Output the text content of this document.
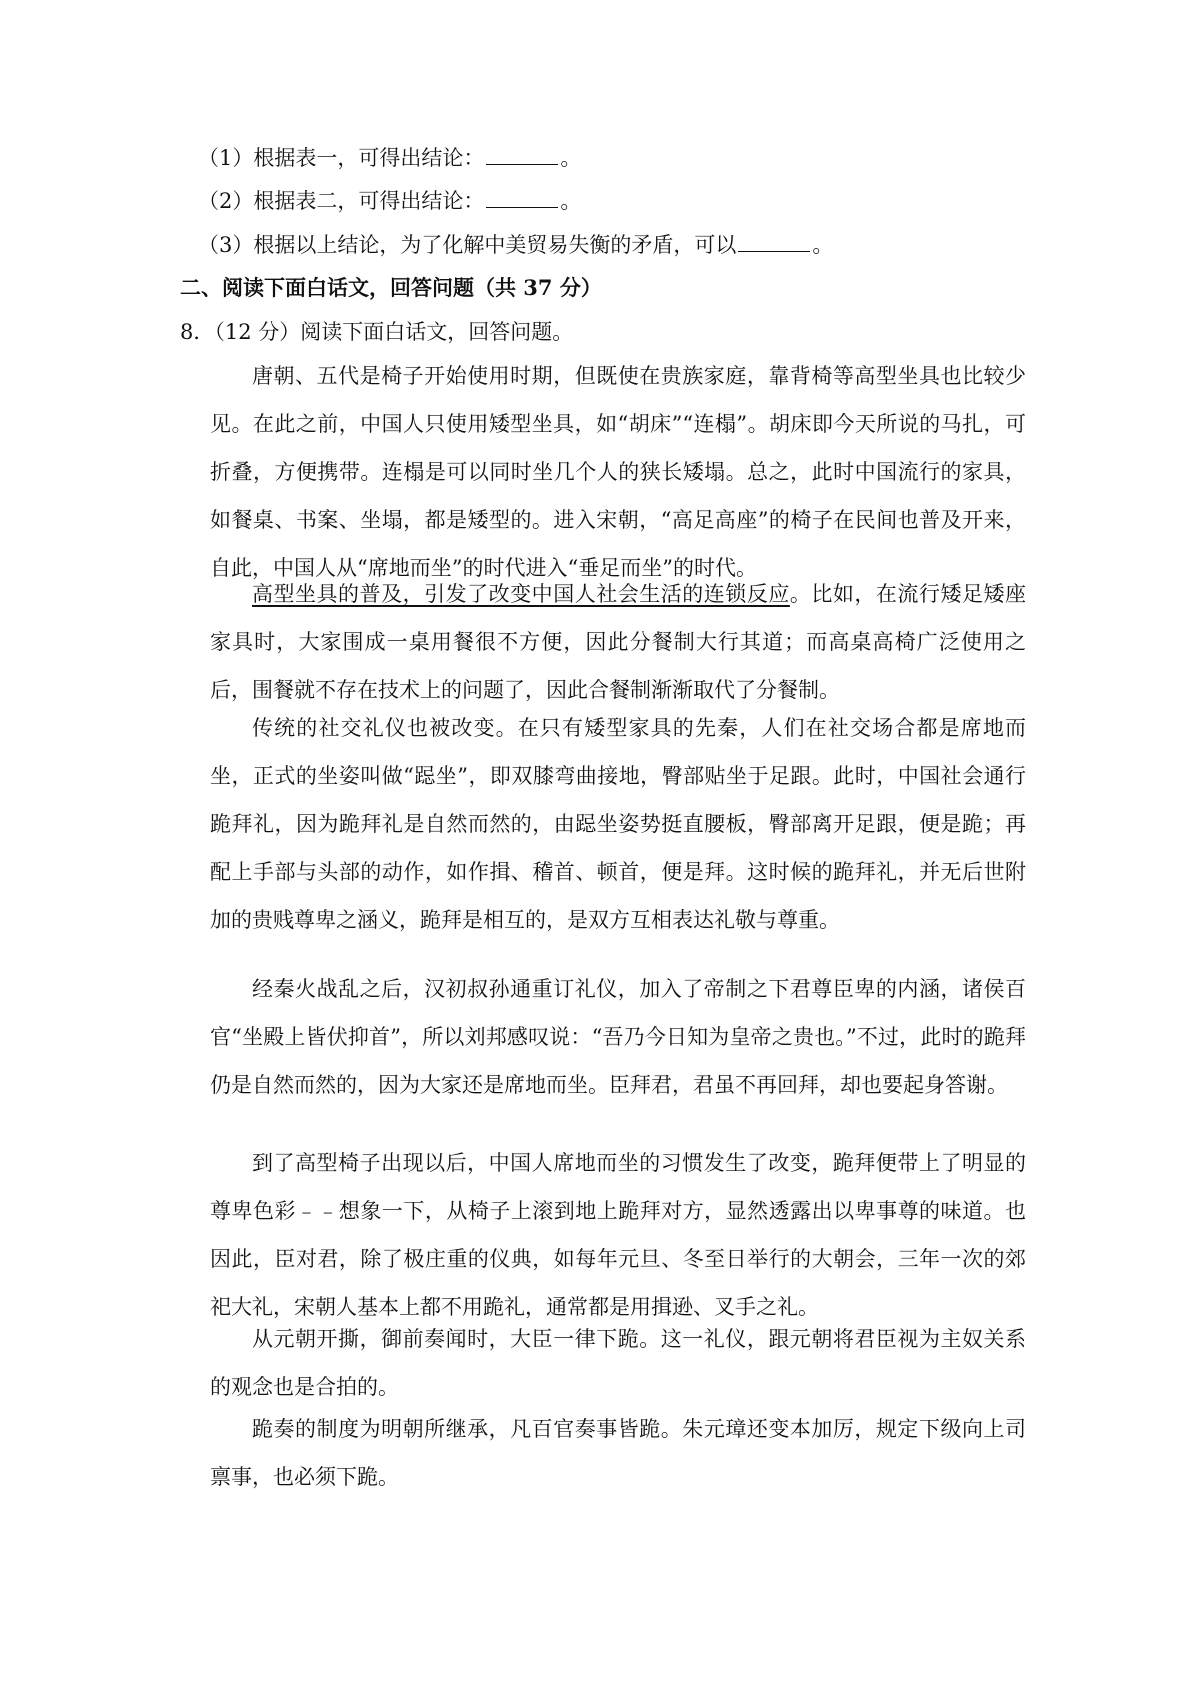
（1）根据表一，可得出结论：	。
（2）根据表二，可得出结论：	。
（3）根据以上结论，为了化解中美贸易失衡的矛盾，可以	。
二、阅读下面白话文，回答问题（共 37 分）
8．（12 分）阅读下面白话文，回答问题。
唐朝、五代是椅子开始使用时期，但既使在贵族家庭，靠背椅等高型坐具也比较少见。在此之前，中国人只使用矮型坐具，如“胡床”“连榻”。胡床即今天所说的马扎，可折叠，方便携带。连榻是可以同时坐几个人的狭长矮塌。总之，此时中国流行的家具，如餐桌、书案、坐塌，都是矮型的。进入宋朝，“高足高座”的椅子在民间也普及开来，自此，中国人从“席地而坐”的时代进入“垂足而坐”的时代。
高型坐具的普及，引发了改变中国人社会生活的连锁反应。比如，在流行矮足矮座家具时，大家围成一桌用餐很不方便，因此分餐制大行其道；而高桌高椅广泛使用之后，围餐就不存在技术上的问题了，因此合餐制渐渐取代了分餐制。
传统的社交礼仪也被改变。在只有矮型家具的先秦，人们在社交场合都是席地而坐，正式的坐姿叫做“跽坐”，即双膝弯曲接地，臀部贴坐于足跟。此时，中国社会通行跪拜礼，因为跪拜礼是自然而然的，由跽坐姿势挺直腰板，臀部离开足跟，便是跪；再配上手部与头部的动作，如作揖、稽首、顿首，便是拜。这时候的跪拜礼，并无后世附加的贵贱尊卑之涵义，跪拜是相互的，是双方互相表达礼敬与尊重。
经秦火战乱之后，汉初叔孙通重订礼仪，加入了帝制之下君尊臣卑的内涵，诸侯百官“坐殿上皆伏抑首”，所以刘邦感叹说：“吾乃今日知为皇帝之贵也。”不过，此时的跪拜仍是自然而然的，因为大家还是席地而坐。臣拜君，君虽不再回拜，却也要起身答谢。
到了高型椅子出现以后，中国人席地而坐的习惯发生了改变，跪拜便带上了明显的尊卑色彩﹣﹣想象一下，从椅子上滚到地上跪拜对方，显然透露出以卑事尊的味道。也因此，臣对君，除了极庄重的仪典，如每年元旦、冬至日举行的大朝会，三年一次的郊祀大礼，宋朝人基本上都不用跪礼，通常都是用揖逊、叉手之礼。
从元朝开撕，御前奏闻时，大臣一律下跪。这一礼仪，跟元朝将君臣视为主奴关系的观念也是合拍的。
跪奏的制度为明朝所继承，凡百官奏事皆跪。朱元璋还变本加厉，规定下级向上司禀事，也必须下跪。
